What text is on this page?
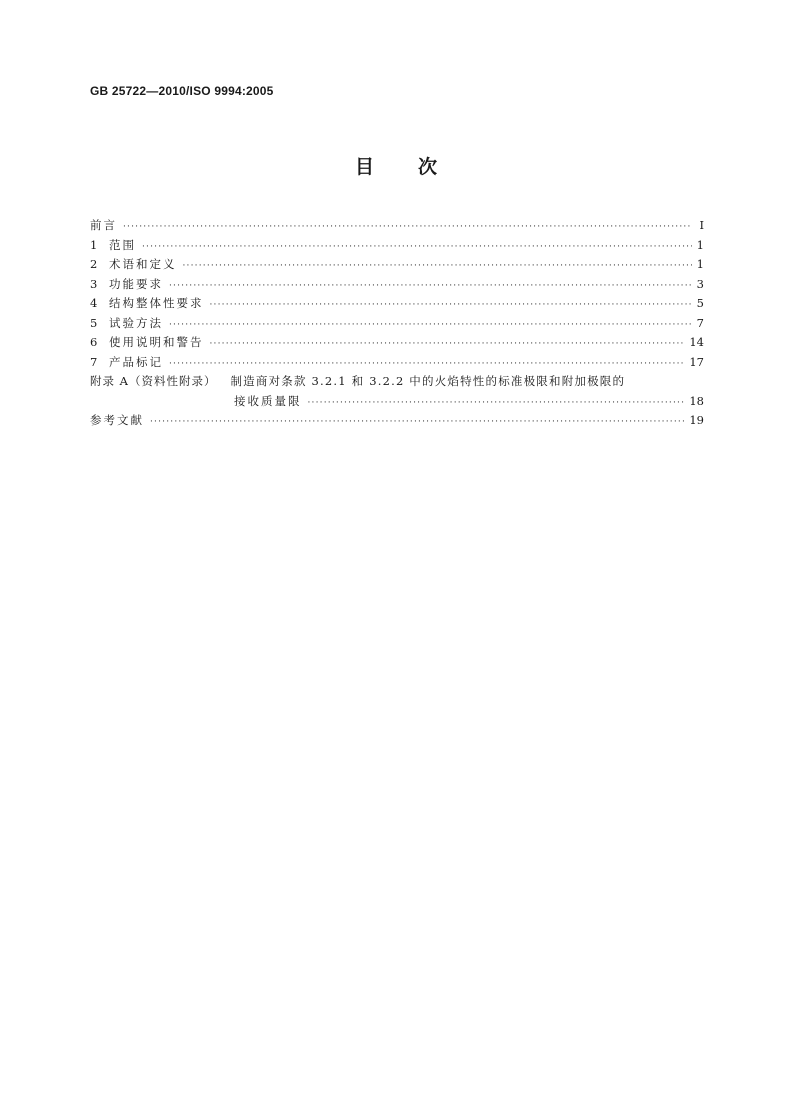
GB 25722—2010/ISO 9994:2005
目 次
前言 ·····	Ⅰ
1	范围 ·····	1
2	术语和定义 ·····	1
3	功能要求 ·····	3
4	结构整体性要求 ·····	5
5	试验方法 ·····	7
6	使用说明和警告 ·····	14
7	产品标记 ·····	17
附录 A（资料性附录） 制造商对条款 3.2.1 和 3.2.2 中的火焰特性的标准极限和附加极限的
接收质量限 ·····	18
参考文献 ·····	19
